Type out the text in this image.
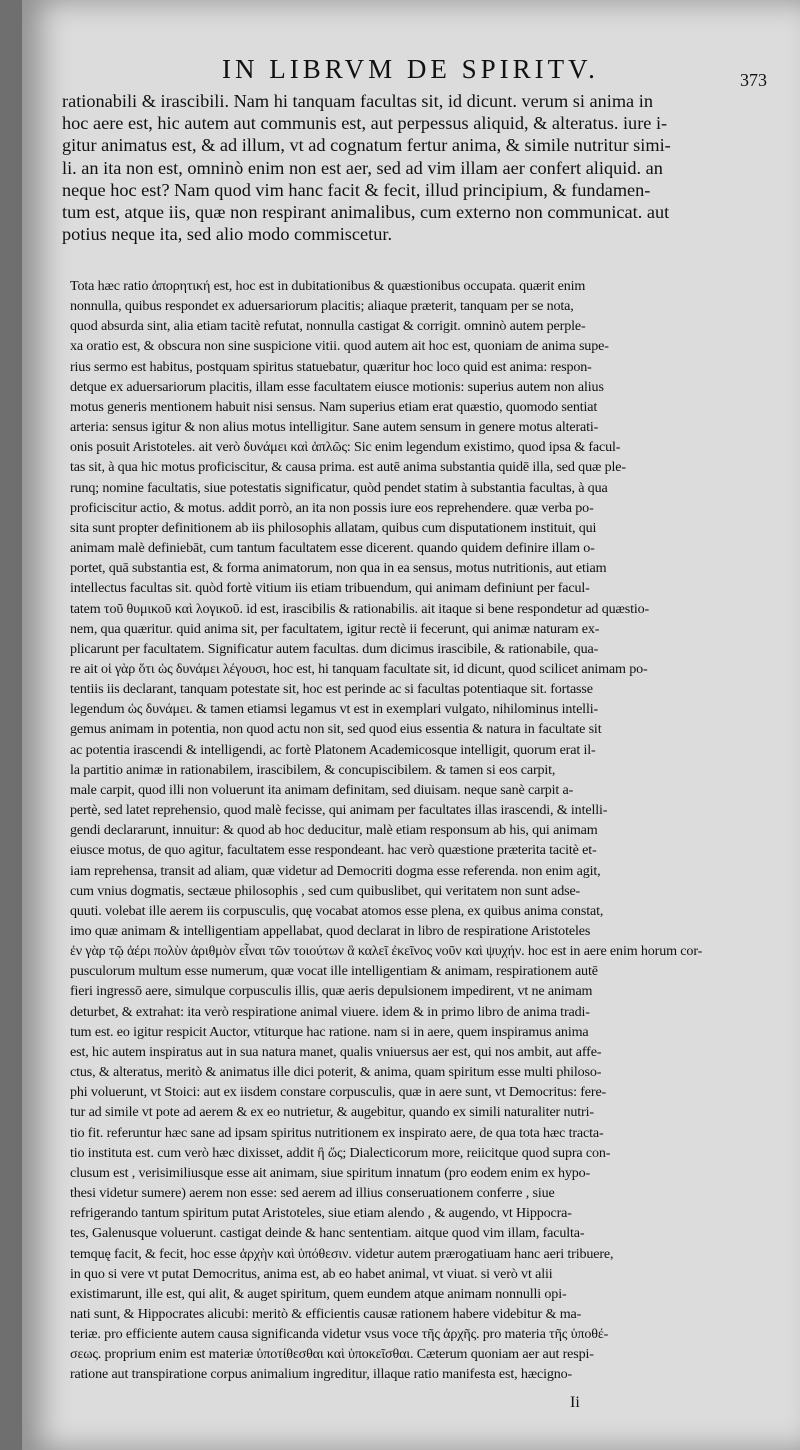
IN LIBRVM DE SPIRITV.	373
rationabili & irascibili. Nam hi tanquam facultas sit, id dicunt. verum si anima in
hoc aere est, hic autem aut communis est, aut perpessus aliquid, & alteratus. iure i-
gitur animatus est, & ad illum, vt ad cognatum fertur anima, & simile nutritur simi-
li. an ita non est, omninò enim non est aer, sed ad vim illam aer confert aliquid. an
neque hoc est? Nam quod vim hanc facit & fecit, illud principium, & fundamen-
tum est, atque iis, quæ non respirant animalibus, cum externo non communicat. aut
potius neque ita, sed alio modo commiscetur.
Tota hæc ratio ἀπορητική est, hoc est in dubitationibus & quæstionibus occupata. quærit enim
nonnulla, quibus respondet ex aduersariorum placitis; aliaque præterit, tanquam per se nota,
quod absurda sint, alia etiam tacitè refutat, nonnulla castigat & corrigit. omninò autem perple-
xa oratio est, & obscura non sine suspicione vitii. quod autem ait hoc est, quoniam de anima supe-
rius sermo est habitus, postquam spiritus statuebatur, quæritur hoc loco quid est anima: respon-
detque ex aduersariorum placitis, illam esse facultatem eiusce motionis: superius autem non alius
motus generis mentionem habuit nisi sensus. Nam superius etiam erat quæstio, quomodo sentiat
arteria: sensus igitur & non alius motus intelligitur. Sane autem sensum in genere motus alterati-
onis posuit Aristoteles. ait verò δυνάμει καὶ ἁπλῶς: Sic enim legendum existimo, quod ipsa & facul-
tas sit, à qua hic motus proficiscitur, & causa prima. est autē anima substantia quidē illa, sed quæ ple-
runq; nomine facultatis, siue potestatis significatur, quòd pendet statim à substantia facultas, à qua
proficiscitur actio, & motus. addit porrò, an ita non possis iure eos reprehendere. quæ verba po-
sita sunt propter definitionem ab iis philosophis allatam, quibus cum disputationem instituit, qui
animam malè definiebāt, cum tantum facultatem esse dicerent. quando quidem definire illam o-
portet, quā substantia est, & forma animatorum, non qua in ea sensus, motus nutritionis, aut etiam
intellectus facultas sit. quòd fortè vitium iis etiam tribuendum, qui animam definiunt per facul-
tatem τοῦ θυμικοῦ καὶ λογικοῦ. id est, irascibilis & rationabilis. ait itaque si bene respondetur ad quæstio-
nem, qua quæritur. quid anima sit, per facultatem, igitur rectè ii fecerunt, qui animæ naturam ex-
plicarunt per facultatem. Significatur autem facultas. dum dicimus irascibile, & rationabile, qua-
re ait οἱ γὰρ ὅτι ὡς δυνάμει λέγουσι, hoc est, hi tanquam facultate sit, id dicunt, quod scilicet animam po-
tentiis iis declarant, tanquam potestate sit, hoc est perinde ac si facultas potentiaque sit. fortasse
legendum ὡς δυνάμει. & tamen etiamsi legamus vt est in exemplari vulgato, nihilominus intelli-
gemus animam in potentia, non quod actu non sit, sed quod eius essentia & natura in facultate sit
ac potentia irascendi & intelligendi, ac fortè Platonem Academicosque intelligit, quorum erat il-
la partitio animæ in rationabilem, irascibilem, & concupiscibilem. & tamen si eos carpit,
male carpit, quod illi non voluerunt ita animam definitam, sed diuisam. neque sanè carpit a-
pertè, sed latet reprehensio, quod malè fecisse, qui animam per facultates illas irascendi, & intelli-
gendi declararunt, innuitur: & quod ab hoc deducitur, malè etiam responsum ab his, qui animam
eiusce motus, de quo agitur, facultatem esse respondeant. hac verò quæstione præterita tacitè et-
iam reprehensa, transit ad aliam, quæ videtur ad Democriti dogma esse referenda. non enim agit,
cum vnius dogmatis, sectæue philosophis , sed cum quibuslibet, qui veritatem non sunt adse-
quuti. volebat ille aerem iis corpusculis, quę vocabat atomos esse plena, ex quibus anima constat,
imo quæ animam & intelligentiam appellabat, quod declarat in libro de respiratione Aristoteles
ἐν γὰρ τῷ ἀέρι πολὺν ἀριθμὸν εἶναι τῶν τοιούτων ἃ καλεῖ ἐκεῖνος νοῦν καὶ ψυχήν. hoc est in aere enim horum cor-
pusculorum multum esse numerum, quæ vocat ille intelligentiam & animam, respirationem autē
fieri ingressō aere, simulque corpusculis illis, quæ aeris depulsionem impedirent, vt ne animam
deturbet, & extrahat: ita verò respiratione animal viuere. idem & in primo libro de anima tradi-
tum est. eo igitur respicit Auctor, vtiturque hac ratione. nam si in aere, quem inspiramus anima
est, hic autem inspiratus aut in sua natura manet, qualis vniuersus aer est, qui nos ambit, aut affe-
ctus, & alteratus, meritò & animatus ille dici poterit, & anima, quam spiritum esse multi philoso-
phi voluerunt, vt Stoici: aut ex iisdem constare corpusculis, quæ in aere sunt, vt Democritus: fere-
tur ad simile vt pote ad aerem & ex eo nutrietur, & augebitur, quando ex simili naturaliter nutri-
tio fit. referuntur hæc sane ad ipsam spiritus nutritionem ex inspirato aere, de qua tota hæc tracta-
tio instituta est. cum verò hæc dixisset, addit ἢ ὥς; Dialecticorum more, reiicitque quod supra con-
clusum est , verisimiliusque esse ait animam, siue spiritum innatum (pro eodem enim ex hypo-
thesi videtur sumere) aerem non esse: sed aerem ad illius conseruationem conferre , siue
refrigerando tantum spiritum putat Aristoteles, siue etiam alendo , & augendo, vt Hippocra-
tes, Galenusque voluerunt. castigat deinde & hanc sententiam. aitque quod vim illam, faculta-
temquę facit, & fecit, hoc esse ἀρχὴν καὶ ὑπόθεσιν. videtur autem prærogatiuam hanc aeri tribuere,
in quo si vere vt putat Democritus, anima est, ab eo habet animal, vt viuat. si verò vt alii
existimarunt, ille est, qui alit, & auget spiritum, quem eundem atque animam nonnulli opi-
nati sunt, & Hippocrates alicubi: meritò & efficientis causæ rationem habere videbitur & ma-
teriæ. pro efficiente autem causa significanda videtur vsus voce τῆς ἀρχῆς. pro materia τῆς ὑποθέ-
σεως. proprium enim est materiæ ὑποτίθεσθαι καὶ ὑποκεῖσθαι. Cæterum quoniam aer aut respi-
ratione aut transpiratione corpus animalium ingreditur, illaque ratio manifesta est, hæcigno-
Ii
